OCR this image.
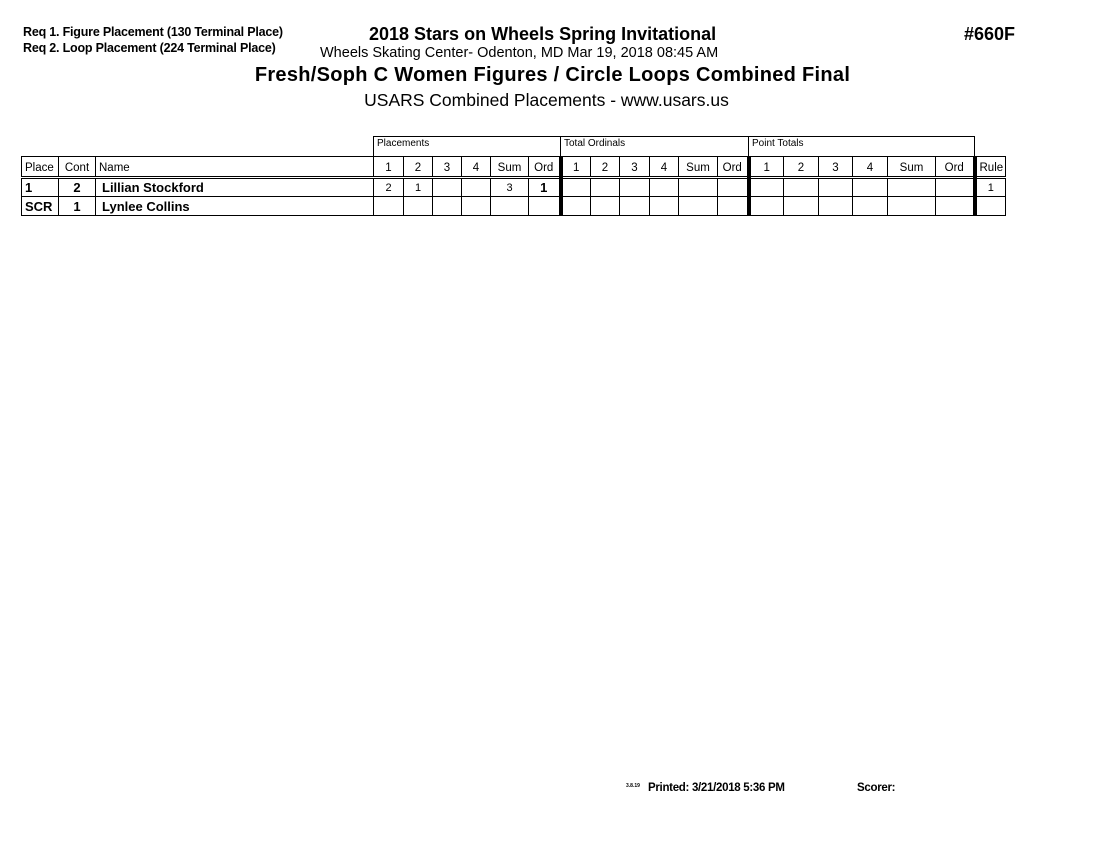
Req 1. Figure Placement (130 Terminal Place)
Req 2. Loop Placement (224 Terminal Place)
2018 Stars on Wheels Spring Invitational	#660F
Wheels Skating Center- Odenton, MD Mar 19, 2018 08:45 AM
Fresh/Soph C Women Figures / Circle Loops Combined Final
USARS Combined Placements - www.usars.us
Placements	Total Ordinals	Point Totals
Place	Cont	Name	1	2	3	4	Sum	Ord	1	2	3	4	Sum	Ord	1	2	3	4	Sum	Ord	Rule
1	2	Lillian Stockford	2	1			3	1													1
SCR	1	Lynlee Collins																			
3.8.19 Printed: 3/21/2018 5:36 PM	Scorer:
